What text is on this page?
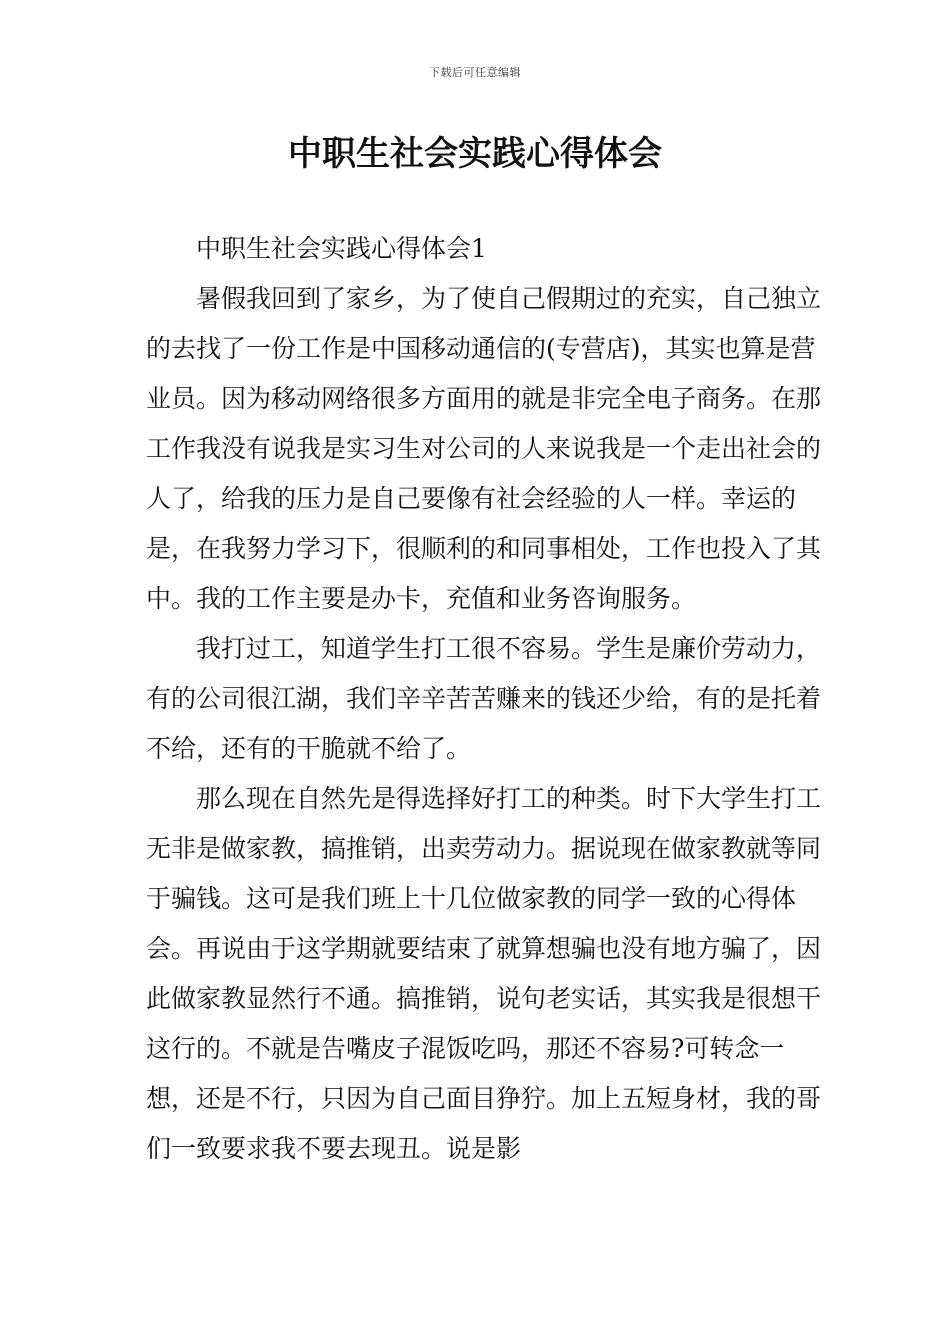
下载后可任意编辑
中职生社会实践心得体会

中职生社会实践心得体会1

暑假我回到了家乡，为了使自己假期过的充实，自己独立的去找了一份工作是中国移动通信的(专营店)，其实也算是营业员。因为移动网络很多方面用的就是非完全电子商务。在那工作我没有说我是实习生对公司的人来说我是一个走出社会的人了，给我的压力是自己要像有社会经验的人一样。幸运的是，在我努力学习下，很顺利的和同事相处，工作也投入了其中。我的工作主要是办卡，充值和业务咨询服务。

我打过工，知道学生打工很不容易。学生是廉价劳动力，有的公司很江湖，我们辛辛苦苦赚来的钱还少给，有的是托着不给，还有的干脆就不给了。

那么现在自然先是得选择好打工的种类。时下大学生打工无非是做家教，搞推销，出卖劳动力。据说现在做家教就等同于骗钱。这可是我们班上十几位做家教的同学一致的心得体会。再说由于这学期就要结束了就算想骗也没有地方骗了，因此做家教显然行不通。搞推销，说句老实话，其实我是很想干这行的。不就是告嘴皮子混饭吃吗，那还不容易?可转念一想，还是不行，只因为自己面目狰狞。加上五短身材，我的哥们一致要求我不要去现丑。说是影
